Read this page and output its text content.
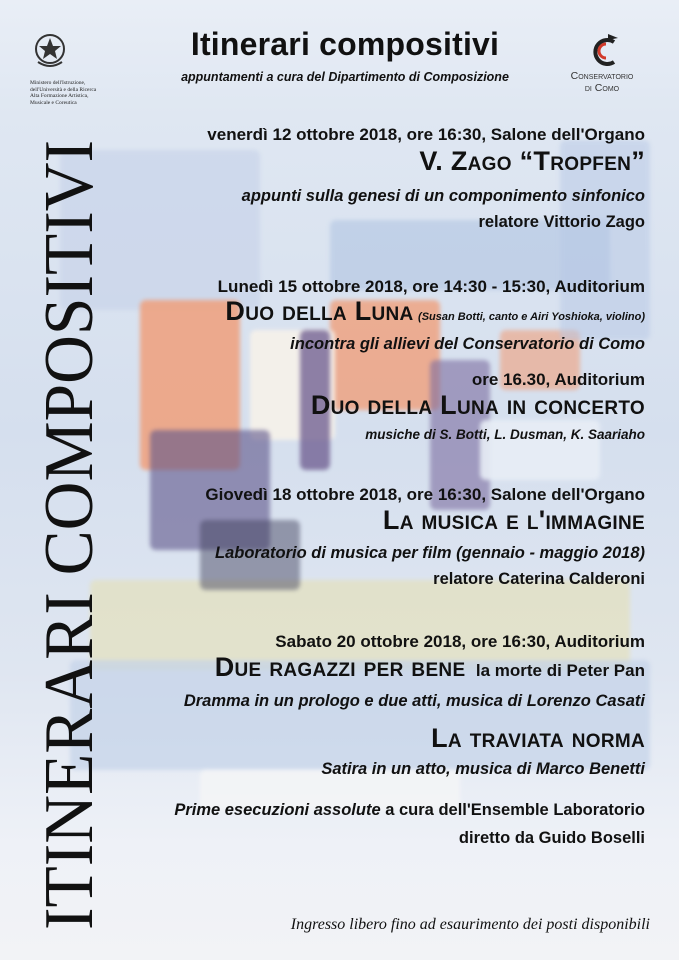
Ministero dell'Istruzione,
dell'Università e della Ricerca
Alta Formazione Artistica,
Musicale e Coreutica
Itinerari compositivi
appuntamenti a cura del Dipartimento di Composizione	Conservatorio
di Como
ITINERARI COMPOSITIVI	venerdì 12 ottobre 2018, ore 16:30, Salone dell'Organo
V. Zago “Tropfen”
appunti sulla genesi di un componimento sinfonico
relatore Vittorio Zago
Lunedì 15 ottobre 2018, ore 14:30 - 15:30, Auditorium
Duo della Luna (Susan Botti, canto e Airi Yoshioka, violino)
incontra gli allievi del Conservatorio di Como
ore 16.30, Auditorium
Duo della Luna in concerto
musiche di S. Botti, L. Dusman, K. Saariaho
Giovedì 18 ottobre 2018, ore 16:30, Salone dell'Organo
La musica e l'immagine
Laboratorio di musica per film (gennaio - maggio 2018)
relatore Caterina Calderoni
Sabato 20 ottobre 2018, ore 16:30, Auditorium
Due ragazzi per bene la morte di Peter Pan
Dramma in un prologo e due atti, musica di Lorenzo Casati
La traviata norma
Satira in un atto, musica di Marco Benetti
Prime esecuzioni assolute a cura dell'Ensemble Laboratorio
diretto da Guido Boselli
Ingresso libero fino ad esaurimento dei posti disponibili
